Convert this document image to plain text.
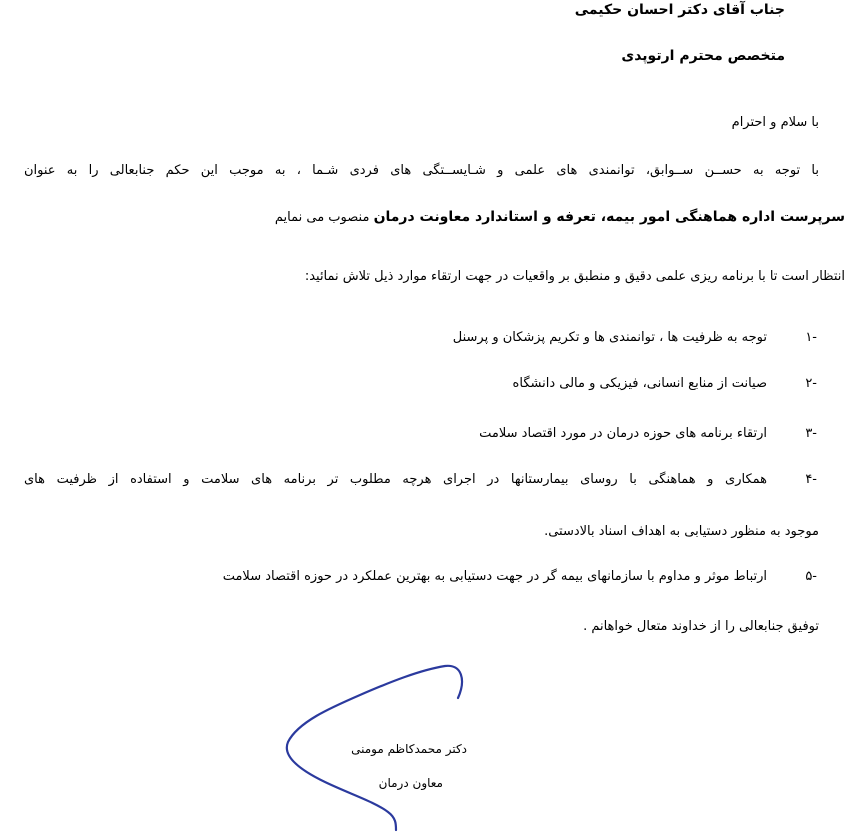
جناب آقای دکتر احسان حکیمی

متخصص محترم ارتوپدی

با سلام و احترام

با توجه به حســن ســوابق، توانمندی های علمی و شـایســتگی های فردی شـما ، به موجب این حکم جنابعالی را به عنوان

سرپرست اداره هماهنگی امور بیمه، تعرفه و استاندارد معاونت درمان منصوب می نمایم

انتظار است تا با برنامه ریزی علمی دقیق و منطبق بر واقعیات در جهت ارتقاء موارد ذیل تلاش نمائید:

-۱
توجه به ظرفیت ها ، توانمندی ها و تکریم پزشکان و پرسنل
-۲
صیانت از منابع انسانی، فیزیکی و مالی دانشگاه
-۳
ارتقاء برنامه های حوزه درمان در مورد اقتصاد سلامت
-۴
همکاری و هماهنگی با روسای بیمارستانها در اجرای هرچه مطلوب تر برنامه های سلامت و استفاده از ظرفیت های
موجود به منظور دستیابی به اهداف اسناد بالادستی.
-۵
ارتباط موثر و مداوم با سازمانهای بیمه گر در جهت دستیابی به بهترین عملکرد در حوزه اقتصاد سلامت

توفیق جنابعالی را از خداوند متعال خواهانم .

دکتر محمدکاظم مومنی
معاون درمان
